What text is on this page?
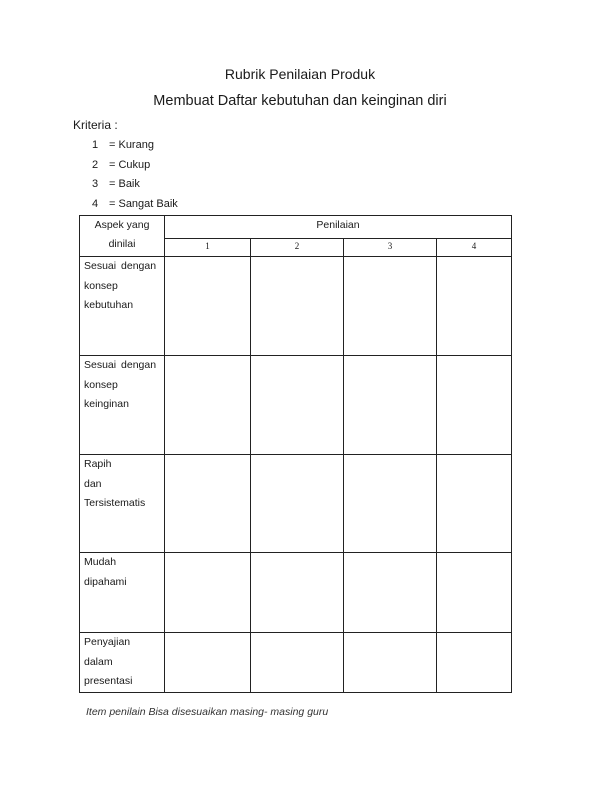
Rubrik Penilaian Produk
Membuat Daftar kebutuhan dan keinginan diri
Kriteria :
1 = Kurang
2 = Cukup
3 = Baik
4 = Sangat Baik
Aspek yang
dinilai	Penilaian			
	1	2	3	4

Sesuai dengan
konsep
kebutuhan				

Sesuai dengan
konsep
keinginan				

Rapih
dan
Tersistematis				

Mudah
dipahami				

Penyajian
dalam
presentasi				

Item penilain Bisa disesuaikan masing- masing guru
